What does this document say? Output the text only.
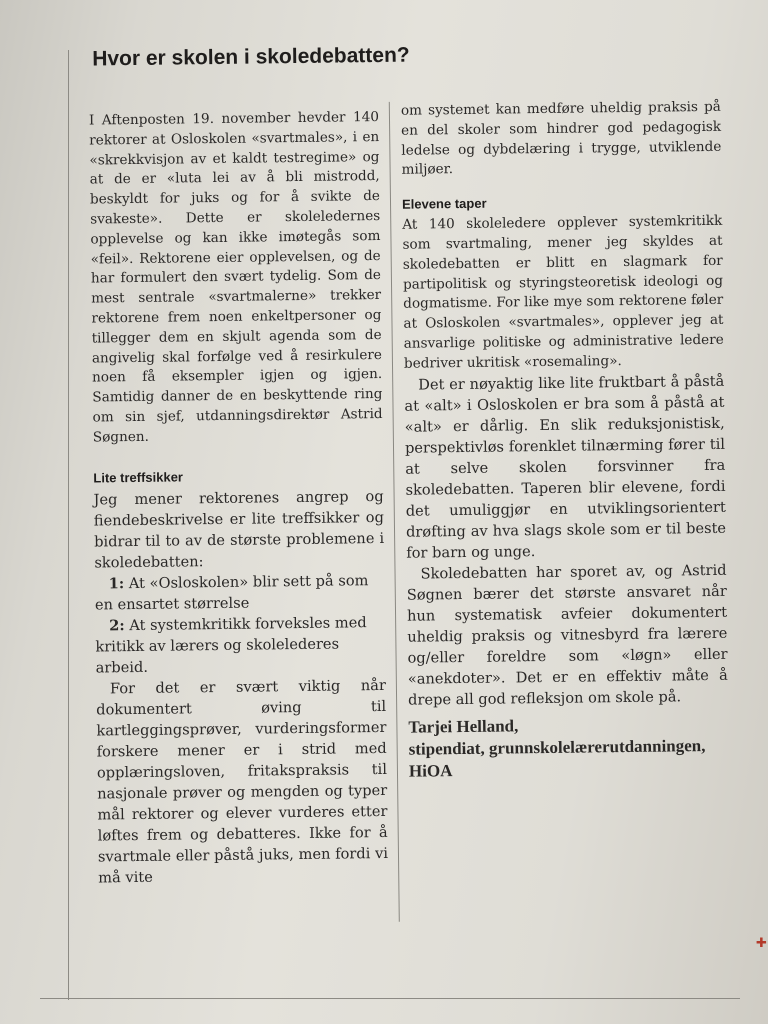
✚
Hvor er skolen i skoledebatten?

I Aftenposten 19. november hevder 140 rektorer at Osloskolen «svartmales», i en «skrekkvisjon av et kaldt testregime» og at de er «luta lei av å bli mistrodd, beskyldt for juks og for å svikte de svakeste». Dette er skoleledernes opplevelse og kan ikke imøtegås som «feil». Rektorene eier opplevelsen, og de har formulert den svært tydelig. Som de mest sentrale «svartmalerne» trekker rektorene frem noen enkeltpersoner og tillegger dem en skjult agenda som de angivelig skal forfølge ved å resirkulere noen få eksempler igjen og igjen. Samtidig danner de en beskyttende ring om sin sjef, utdanningsdirektør Astrid Søgnen.

Lite treffsikker

Jeg mener rektorenes angrep og fiendebeskrivelse er lite treffsikker og bidrar til to av de største problemene i skoledebatten:

1: At «Osloskolen» blir sett på som en ensartet størrelse

2: At systemkritikk forveksles med kritikk av lærers og skolelederes arbeid.

For det er svært viktig når dokumentert øving til kartleggingsprøver, vurderingsformer forskere mener er i strid med opplæringsloven, fritakspraksis til nasjonale prøver og mengden og typer mål rektorer og elever vurderes etter løftes frem og debatteres. Ikke for å svartmale eller påstå juks, men fordi vi må vite

om systemet kan medføre uheldig praksis på en del skoler som hindrer god pedagogisk ledelse og dybdelæring i trygge, utviklende miljøer.

Elevene taper

At 140 skoleledere opplever systemkritikk som svartmaling, mener jeg skyldes at skoledebatten er blitt en slagmark for partipolitisk og styringsteoretisk ideologi og dogmatisme. For like mye som rektorene føler at Osloskolen «svartmales», opplever jeg at ansvarlige politiske og administrative ledere bedriver ukritisk «rosemaling».

Det er nøyaktig like lite fruktbart å påstå at «alt» i Osloskolen er bra som å påstå at «alt» er dårlig. En slik reduksjonistisk, perspektivløs forenklet tilnærming fører til at selve skolen forsvinner fra skoledebatten. Taperen blir elevene, fordi det umuliggjør en utviklingsorientert drøfting av hva slags skole som er til beste for barn og unge.

Skoledebatten har sporet av, og Astrid Søgnen bærer det største ansvaret når hun systematisk avfeier dokumentert uheldig praksis og vitnesbyrd fra lærere og/eller foreldre som «løgn» eller «anekdoter». Det er en effektiv måte å drepe all god refleksjon om skole på.

Tarjei Helland,

stipendiat, grunnskolelærerutdanningen, HiOA
